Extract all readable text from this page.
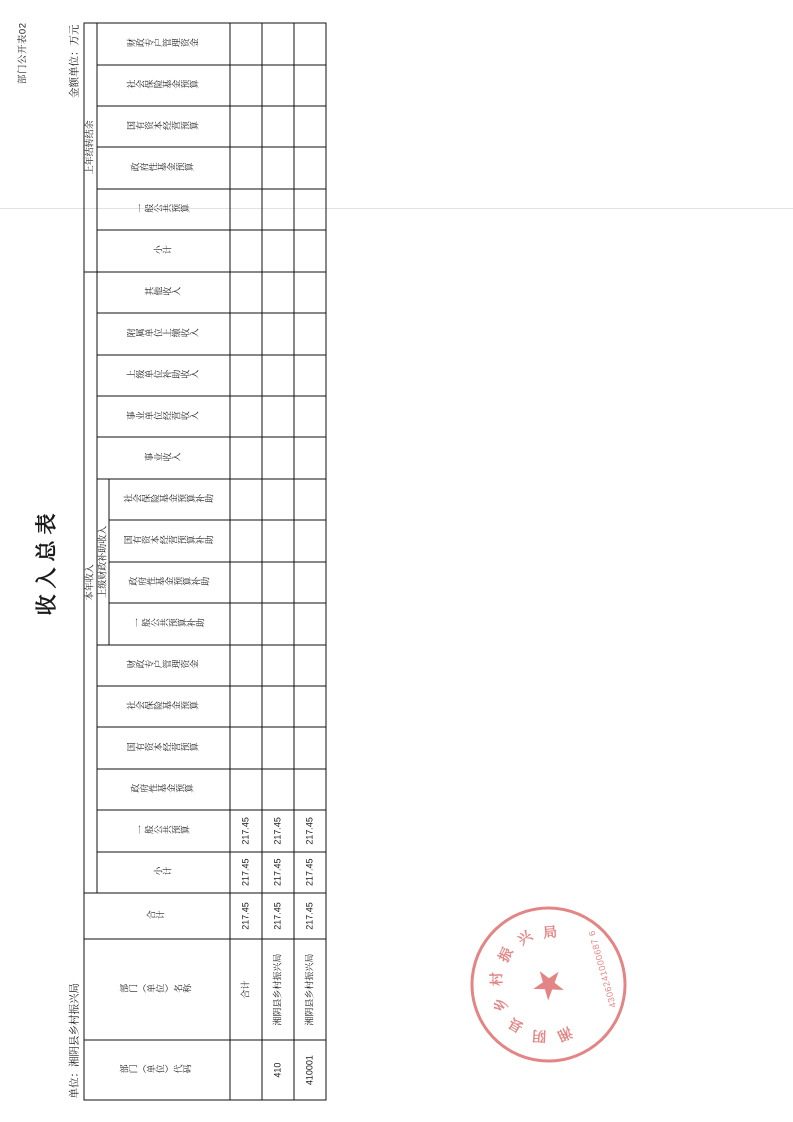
部门公开表02
收入总表
单位：湘阴县乡村振兴局
金额单位：万元
部门（单位）代码	部门（单位）名称	合计	本年收入															上年结转结余					
			小计	一般公共预算	政府性基金预算	国有资本经营预算	社会保险基金预算	财政专户管理资金	上级财政补助收入				事业收入	事业单位经营收入	上级单位补助收入	附属单位上缴收入	其他收入	小计	一般公共预算	政府性基金预算	国有资本经营预算	社会保险基金预算	财政专户管理资金
									一般公共预算补助	政府性基金预算补助	国有资本经营预算补助	社会保险基金预算补助											

	合计	217.45	217.45	217.45																			
410	湘阴县乡村振兴局	217.45	217.45	217.45																			
410001	湘阴县乡村振兴局	217.45	217.45	217.45																			
★
湘
阴
县
乡
村
振
兴 局	4306241000687 6
